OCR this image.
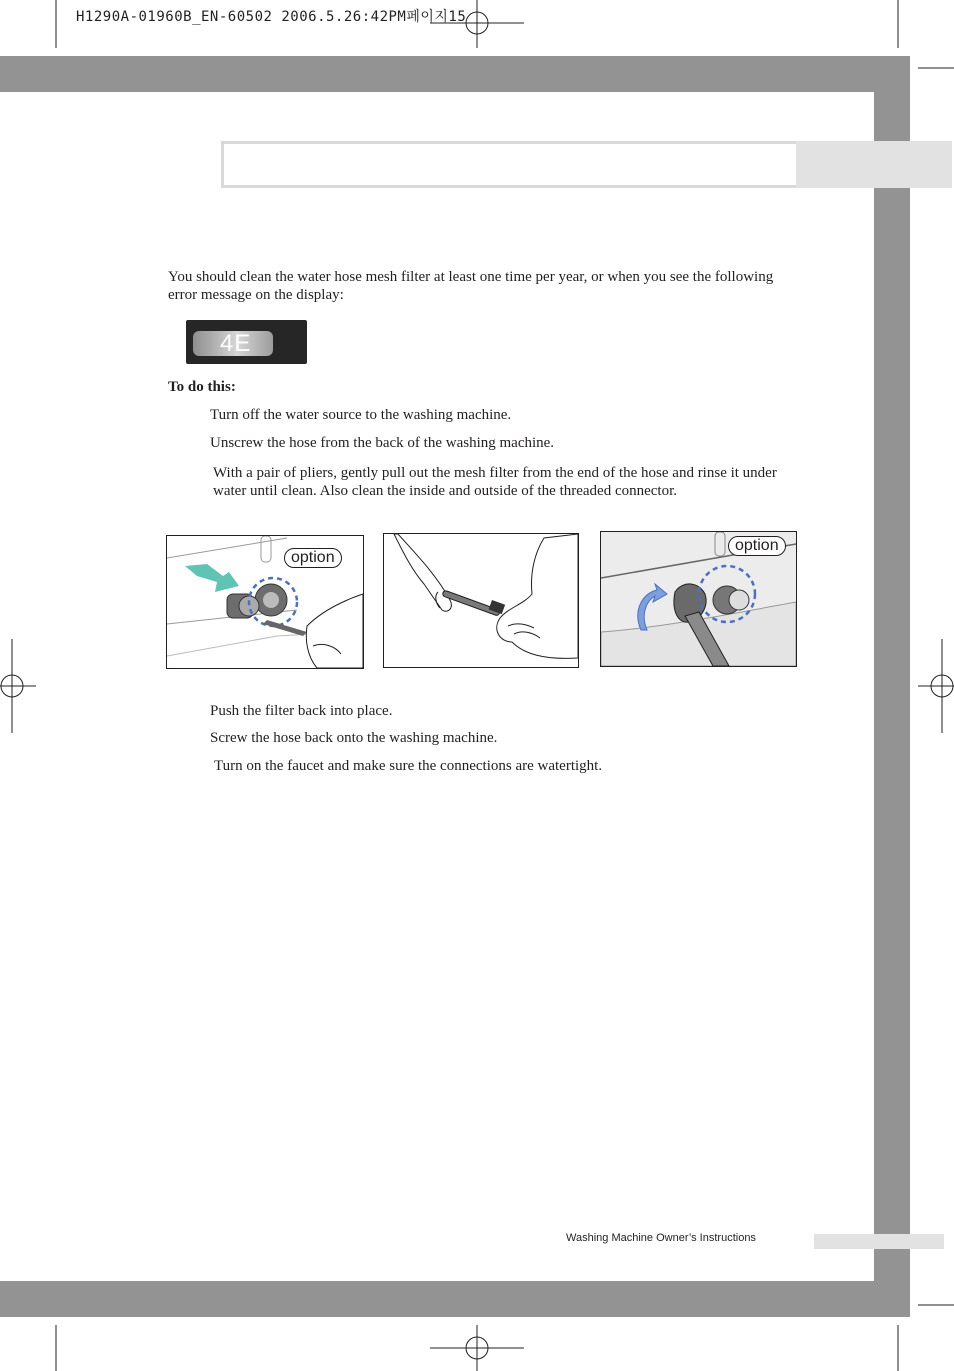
H1290A-01960B_EN-60502 2006.5.26:42PM페이지15
You should clean the water hose mesh filter at least one time per year, or when you see the following error message on the display:
4E
To do this:
Turn off the water source to the washing machine.
Unscrew the hose from the back of the washing machine.
With a pair of pliers, gently pull out the mesh filter from the end of the hose and rinse it under water until clean. Also clean the inside and outside of the threaded connector.
option
option
Push the filter back into place.
Screw the hose back onto the washing machine.
Turn on the faucet and make sure the connections are watertight.
Washing Machine Owner’s Instructions
